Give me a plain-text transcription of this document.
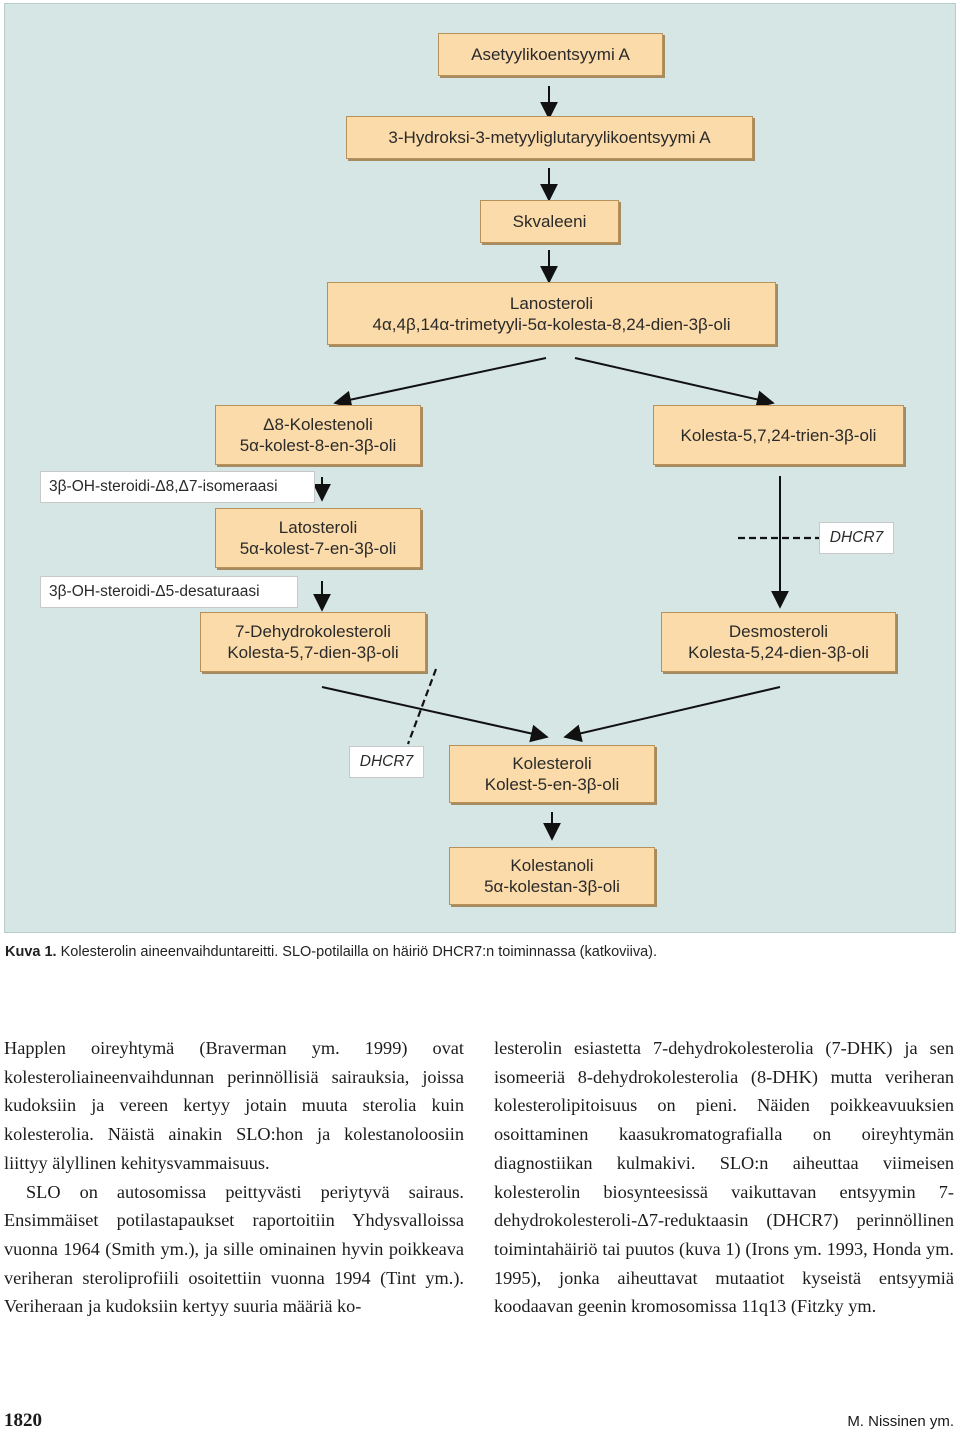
Asetyylikoentsyymi A
3-Hydroksi-3-metyyliglutaryylikoentsyymi A
Skvaleeni
Lanosteroli
4α,4β,14α-trimetyyli-5α-kolesta-8,24-dien-3β-oli
Δ8-Kolestenoli
5α-kolest-8-en-3β-oli
Kolesta-5,7,24-trien-3β-oli
3β-OH-steroidi-Δ8,Δ7-isomeraasi
Latosteroli
5α-kolest-7-en-3β-oli
DHCR7
3β-OH-steroidi-Δ5-desaturaasi
7-Dehydrokolesteroli
Kolesta-5,7-dien-3β-oli
Desmosteroli
Kolesta-5,24-dien-3β-oli
DHCR7	Kolesteroli
Kolest-5-en-3β-oli
Kolestanoli
5α-kolestan-3β-oli
Kuva 1. Kolesterolin aineenvaihduntareitti. SLO-potilailla on häiriö DHCR7:n toiminnassa (katkoviiva).

Happlen oireyhtymä (Braverman ym. 1999) ovat kolesteroliaineenvaihdunnan perinnöllisiä sairauksia, joissa kudoksiin ja vereen kertyy jotain muuta sterolia kuin kolesterolia. Näistä ainakin SLO:hon ja kolestanoloosiin liittyy älyllinen kehitysvammaisuus.

SLO on autosomissa peittyvästi periytyvä sairaus. Ensimmäiset potilastapaukset raportoitiin Yhdysvalloissa vuonna 1964 (Smith ym.), ja sille ominainen hyvin poikkeava veriheran steroliprofiili osoitettiin vuonna 1994 (Tint ym.). Veriheraan ja kudoksiin kertyy suuria määriä ko-

lesterolin esiastetta 7-dehydrokolesterolia (7-DHK) ja sen isomeeriä 8-dehydrokolesterolia (8-DHK) mutta veriheran kolesterolipitoisuus on pieni. Näiden poikkeavuuksien osoittaminen kaasukromatografialla on oireyhtymän diagnostiikan kulmakivi. SLO:n aiheuttaa viimeisen kolesterolin biosynteesissä vaikuttavan entsyymin 7-dehydrokolesteroli-Δ7-reduktaasin (DHCR7) perinnöllinen toimintahäiriö tai puutos (kuva 1) (Irons ym. 1993, Honda ym. 1995), jonka aiheuttavat mutaatiot kyseistä entsyymiä koodaavan geenin kromosomissa 11q13 (Fitzky ym.

1820	M. Nissinen ym.
